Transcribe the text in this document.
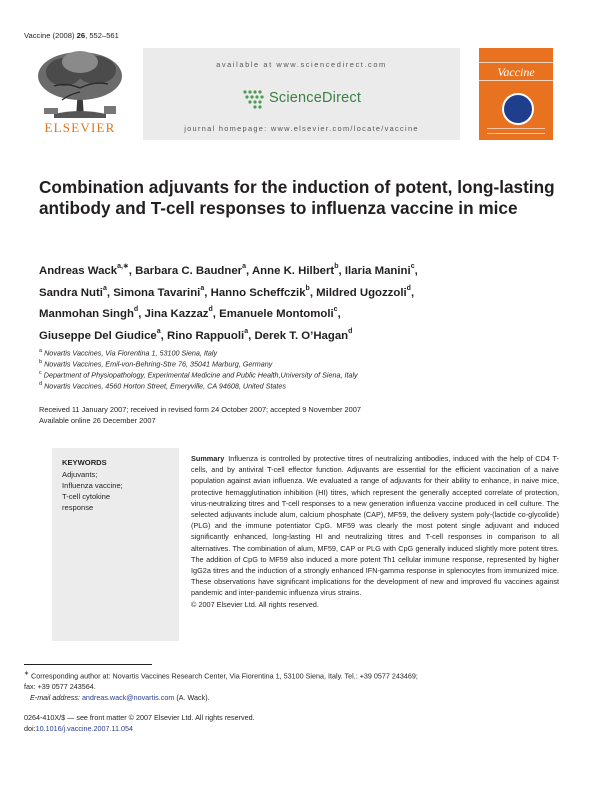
Vaccine (2008) 26, 552–561
ELSEVIER
available at www.sciencedirect.com
ScienceDirect
journal homepage: www.elsevier.com/locate/vaccine
Vaccine
Combination adjuvants for the induction of potent, long-lasting antibody and T-cell responses to influenza vaccine in mice
Andreas Wack$^{a,∗}$, Barbara C. Baudner$^a$, Anne K. Hilbert$^b$, Ilaria Manini$^c$,
Sandra Nuti$^a$, Simona Tavarini$^a$, Hanno Scheffczik$^b$, Mildred Ugozzoli$^d$,
Manmohan Singh$^d$, Jina Kazzaz$^d$, Emanuele Montomoli$^c$,
Giuseppe Del Giudice$^a$, Rino Rappuoli$^a$, Derek T. O’Hagan$^d$
$^a$ Novartis Vaccines, Via Fiorentina 1, 53100 Siena, Italy
$^b$ Novartis Vaccines, Emil-von-Behring-Stre 76, 35041 Marburg, Germany
$^c$ Department of Physiopathology, Experimental Medicine and Public Health,University of Siena, Italy
$^d$ Novartis Vaccines, 4560 Horton Street, Emeryville, CA 94608, United States
Received 11 January 2007; received in revised form 24 October 2007; accepted 9 November 2007
Available online 26 December 2007
KEYWORDS
Adjuvants;
Influenza vaccine;
T-cell cytokine
response
Summary Influenza is controlled by protective titres of neutralizing antibodies, induced with the help of CD4 T-cells, and by antiviral T-cell effector function. Adjuvants are essential for the efficient vaccination of a naive population against avian influenza. We evaluated a range of adjuvants for their ability to enhance, in naive mice, protective hemagglutination inhibition (HI) titres, which represent the generally accepted correlate of protection, virus-neutralizing titres and T-cell responses to a new generation influenza vaccine produced in cell culture. The selected adjuvants include alum, calcium phosphate (CAP), MF59, the delivery system poly-(lactide co-glycolide) (PLG) and the immune potentiator CpG. MF59 was clearly the most potent single adjuvant and induced significantly enhanced, long-lasting HI and neutralizing titres and T-cell responses in comparison to all alternatives. The combination of alum, MF59, CAP or PLG with CpG generally induced slightly more potent titres. The addition of CpG to MF59 also induced a more potent Th1 cellular immune response, represented by higher IgG2a titres and the induction of a strongly enhanced IFN-gamma response in splenocytes from immunized mice. These observations have significant implications for the development of new and improved flu vaccines against pandemic and inter-pandemic influenza virus strains.
© 2007 Elsevier Ltd. All rights reserved.
∗ Corresponding author at: Novartis Vaccines Research Center, Via Fiorentina 1, 53100 Siena, Italy. Tel.: +39 0577 243469;
fax: +39 0577 243564.
E-mail address: andreas.wack@novartis.com (A. Wack).
0264-410X/$ — see front matter © 2007 Elsevier Ltd. All rights reserved.
doi:10.1016/j.vaccine.2007.11.054
